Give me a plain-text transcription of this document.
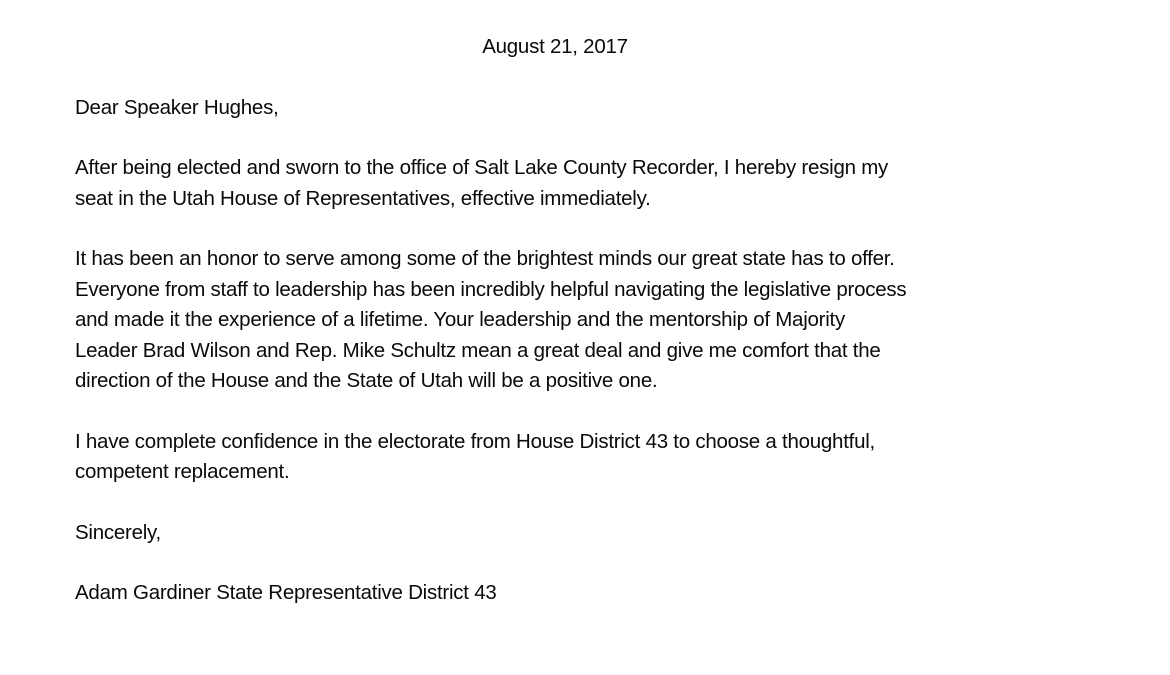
August 21, 2017
Dear Speaker Hughes,
After being elected and sworn to the office of Salt Lake County Recorder, I hereby resign my
seat in the Utah House of Representatives, effective immediately.
It has been an honor to serve among some of the brightest minds our great state has to offer.
Everyone from staff to leadership has been incredibly helpful navigating the legislative process
and made it the experience of a lifetime. Your leadership and the mentorship of Majority
Leader Brad Wilson and Rep. Mike Schultz mean a great deal and give me comfort that the
direction of the House and the State of Utah will be a positive one.
I have complete confidence in the electorate from House District 43 to choose a thoughtful,
competent replacement.
Sincerely,
Adam Gardiner State Representative District 43
